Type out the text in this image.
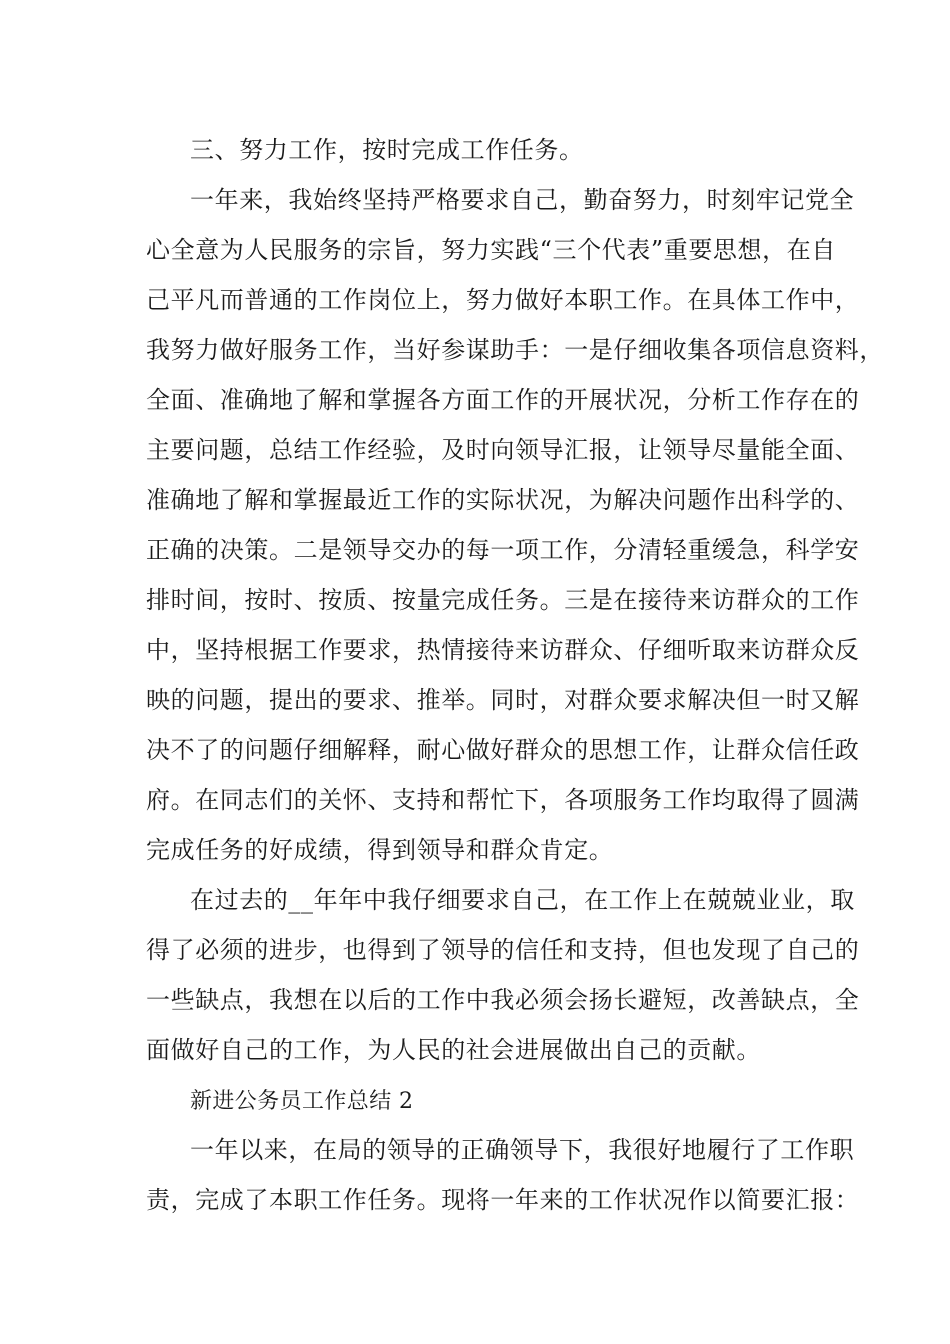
三、努力工作，按时完成工作任务。
一年来，我始终坚持严格要求自己，勤奋努力，时刻牢记党全
心全意为人民服务的宗旨，努力实践“三个代表”重要思想，在自
己平凡而普通的工作岗位上，努力做好本职工作。在具体工作中，
我努力做好服务工作，当好参谋助手：一是仔细收集各项信息资料，
全面、准确地了解和掌握各方面工作的开展状况，分析工作存在的
主要问题，总结工作经验，及时向领导汇报，让领导尽量能全面、
准确地了解和掌握最近工作的实际状况，为解决问题作出科学的、
正确的决策。二是领导交办的每一项工作，分清轻重缓急，科学安
排时间，按时、按质、按量完成任务。三是在接待来访群众的工作
中，坚持根据工作要求，热情接待来访群众、仔细听取来访群众反
映的问题，提出的要求、推举。同时，对群众要求解决但一时又解
决不了的问题仔细解释，耐心做好群众的思想工作，让群众信任政
府。在同志们的关怀、支持和帮忙下，各项服务工作均取得了圆满
完成任务的好成绩，得到领导和群众肯定。
在过去的__年年中我仔细要求自己，在工作上在兢兢业业，取
得了必须的进步，也得到了领导的信任和支持，但也发现了自己的
一些缺点，我想在以后的工作中我必须会扬长避短，改善缺点，全
面做好自己的工作，为人民的社会进展做出自己的贡献。
新进公务员工作总结 2
一年以来，在局的领导的正确领导下，我很好地履行了工作职
责，完成了本职工作任务。现将一年来的工作状况作以简要汇报：
